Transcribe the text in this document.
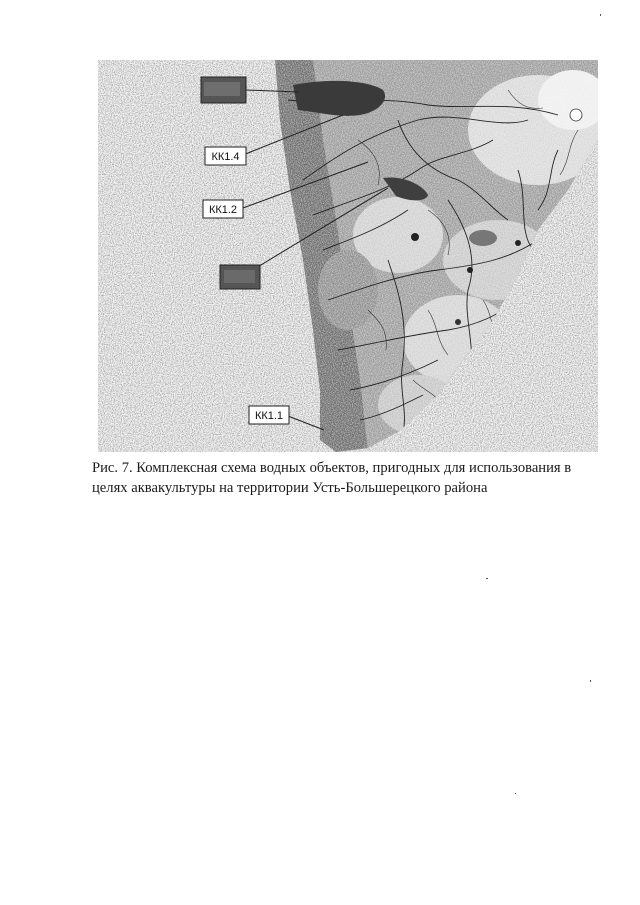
КК1.4
КК1.2
КК1.1
Рис. 7. Комплексная схема водных объектов, пригодных для использования в
целях аквакультуры на территории Усть-Большерецкого района
